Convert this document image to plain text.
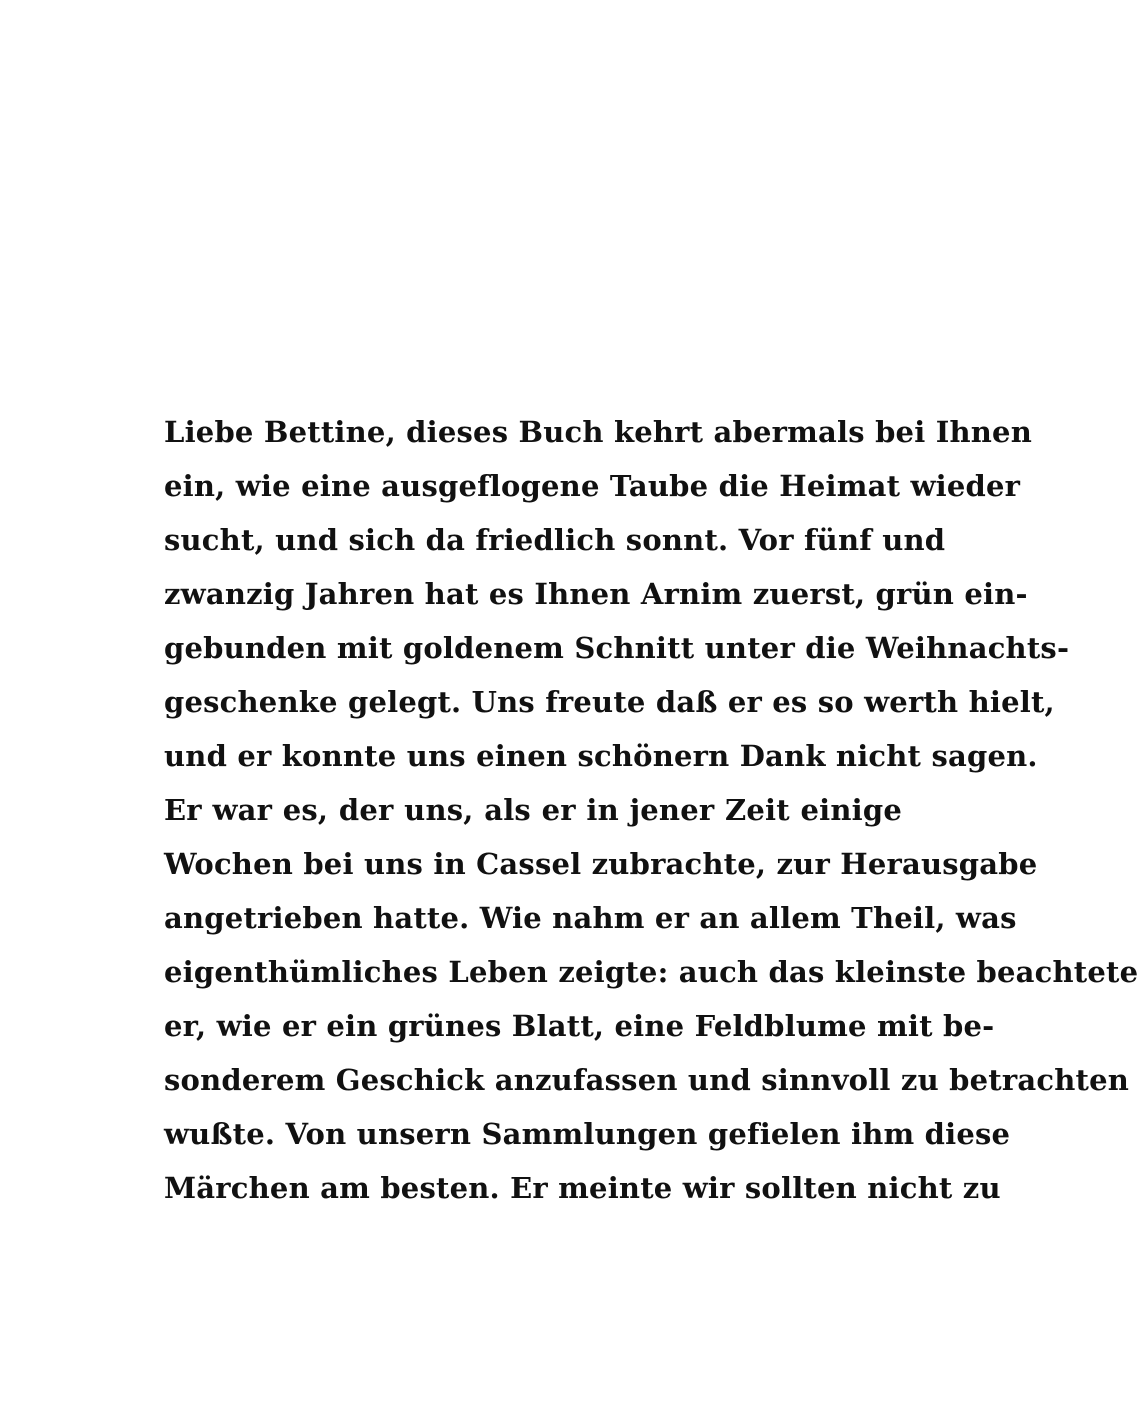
Liebe Bettine, dieses Buch kehrt abermals bei Ihnen
ein, wie eine ausgeflogene Taube die Heimat wieder
sucht, und sich da friedlich sonnt. Vor fünf und
zwanzig Jahren hat es Ihnen Arnim zuerst, grün ein-
gebunden mit goldenem Schnitt unter die Weihnachts-
geschenke gelegt. Uns freute daß er es so werth hielt,
und er konnte uns einen schönern Dank nicht sagen.
Er war es, der uns, als er in jener Zeit einige
Wochen bei uns in Cassel zubrachte, zur Herausgabe
angetrieben hatte. Wie nahm er an allem Theil, was
eigenthümliches Leben zeigte: auch das kleinste beachtete
er, wie er ein grünes Blatt, eine Feldblume mit be-
sonderem Geschick anzufassen und sinnvoll zu betrachten
wußte. Von unsern Sammlungen gefielen ihm diese
Märchen am besten. Er meinte wir sollten nicht zu
